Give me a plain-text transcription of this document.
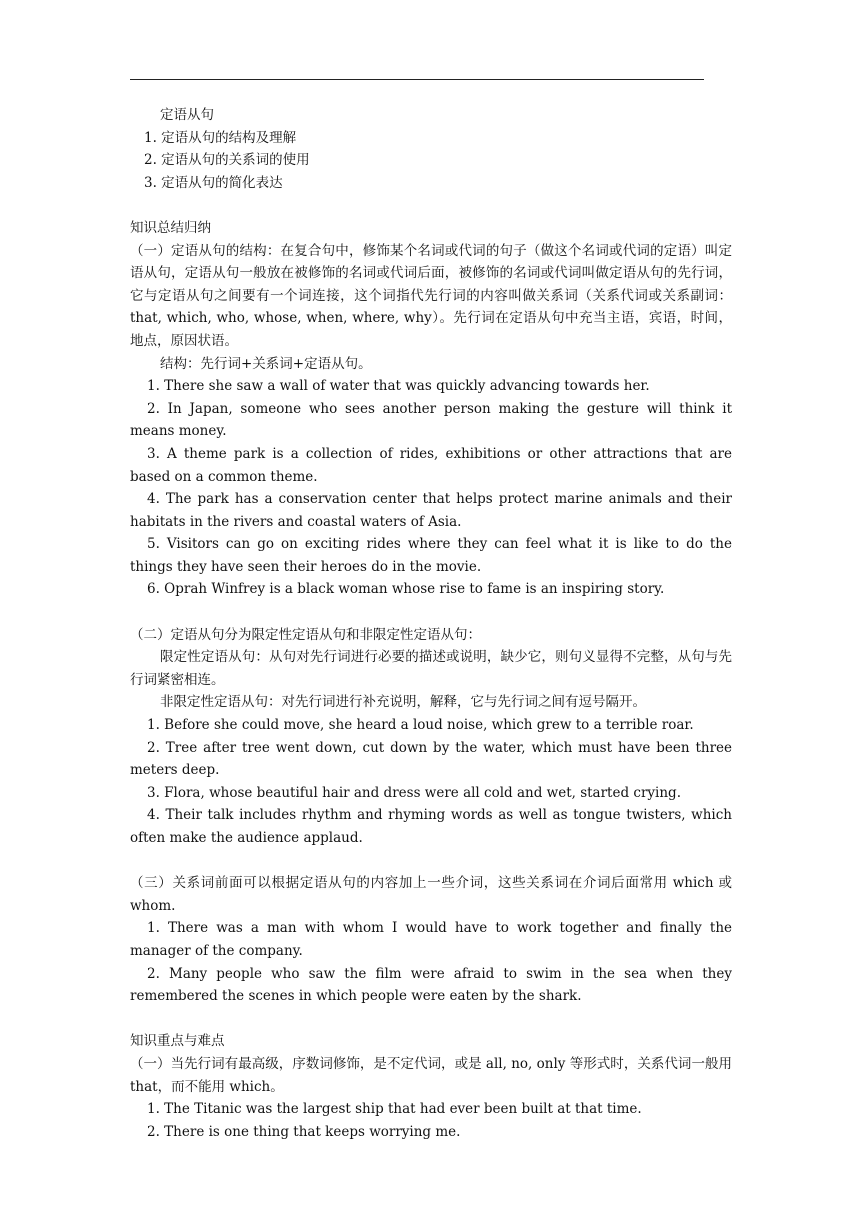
定语从句

1. 定语从句的结构及理解

2. 定语从句的关系词的使用

3. 定语从句的简化表达

知识总结归纳

（一）定语从句的结构：在复合句中，修饰某个名词或代词的句子（做这个名词或代词的定语）叫定语从句，定语从句一般放在被修饰的名词或代词后面，被修饰的名词或代词叫做定语从句的先行词，它与定语从句之间要有一个词连接，这个词指代先行词的内容叫做关系词（关系代词或关系副词：that, which, who, whose, when, where, why）。先行词在定语从句中充当主语，宾语，时间，地点，原因状语。

结构：先行词+关系词+定语从句。

1. There she saw a wall of water that was quickly advancing towards her.

2. In Japan, someone who sees another person making the gesture will think it means money.

3. A theme park is a collection of rides, exhibitions or other attractions that are based on a common theme.

4. The park has a conservation center that helps protect marine animals and their habitats in the rivers and coastal waters of Asia.

5. Visitors can go on exciting rides where they can feel what it is like to do the things they have seen their heroes do in the movie.

6. Oprah Winfrey is a black woman whose rise to fame is an inspiring story.

（二）定语从句分为限定性定语从句和非限定性定语从句：

限定性定语从句：从句对先行词进行必要的描述或说明，缺少它，则句义显得不完整，从句与先行词紧密相连。

非限定性定语从句：对先行词进行补充说明，解释，它与先行词之间有逗号隔开。

1. Before she could move, she heard a loud noise, which grew to a terrible roar.

2. Tree after tree went down, cut down by the water, which must have been three meters deep.

3. Flora, whose beautiful hair and dress were all cold and wet, started crying.

4. Their talk includes rhythm and rhyming words as well as tongue twisters, which often make the audience applaud.

（三）关系词前面可以根据定语从句的内容加上一些介词，这些关系词在介词后面常用 which 或 whom.

1. There was a man with whom I would have to work together and finally the manager of the company.

2. Many people who saw the film were afraid to swim in the sea when they remembered the scenes in which people were eaten by the shark.

知识重点与难点

（一）当先行词有最高级，序数词修饰，是不定代词，或是 all, no, only 等形式时，关系代词一般用 that，而不能用 which。

1. The Titanic was the largest ship that had ever been built at that time.

2. There is one thing that keeps worrying me.
